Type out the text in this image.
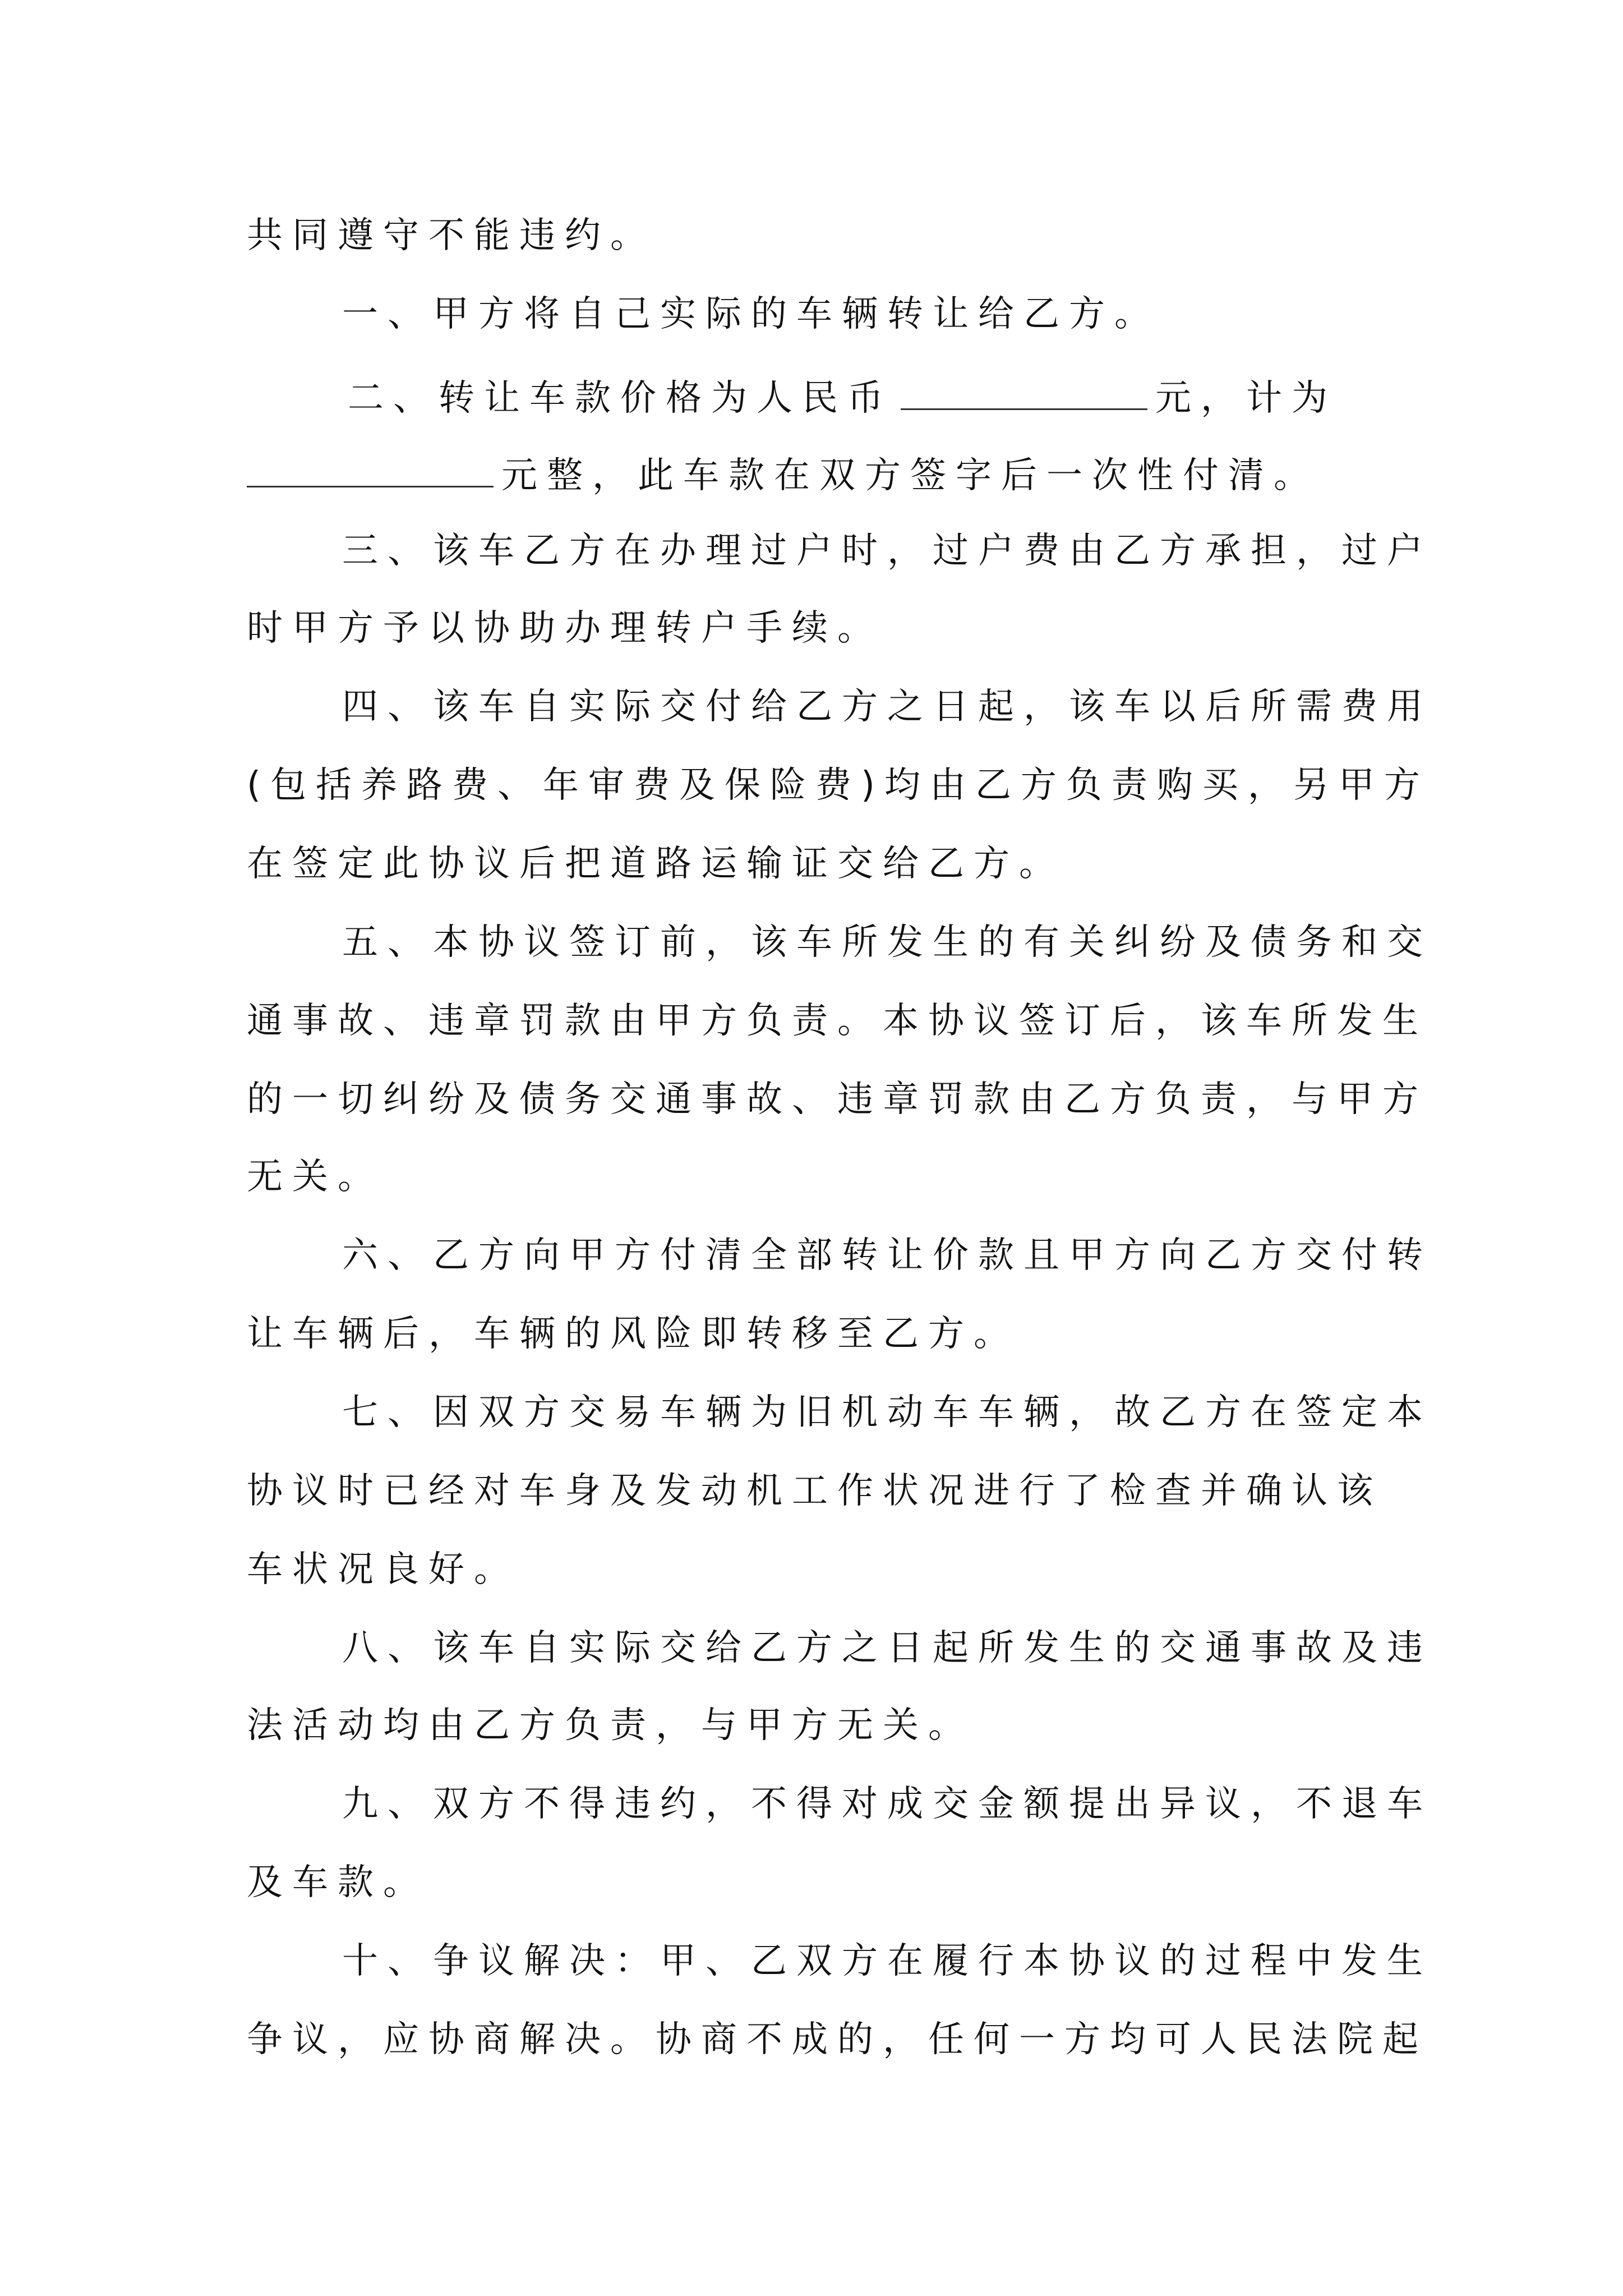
共同遵守不能违约。
一、甲方将自己实际的车辆转让给乙方。
二、转让车款价格为人民币	元，计为
元整，此车款在双方签字后一次性付清。
三、该车乙方在办理过户时，过户费由乙方承担，过户
时甲方予以协助办理转户手续。
四、该车自实际交付给乙方之日起，该车以后所需费用
(包括养路费、年审费及保险费)均由乙方负责购买，另甲方
在签定此协议后把道路运输证交给乙方。
五、本协议签订前，该车所发生的有关纠纷及债务和交
通事故、违章罚款由甲方负责。本协议签订后，该车所发生
的一切纠纷及债务交通事故、违章罚款由乙方负责，与甲方
无关。
六、乙方向甲方付清全部转让价款且甲方向乙方交付转
让车辆后，车辆的风险即转移至乙方。
七、因双方交易车辆为旧机动车车辆，故乙方在签定本
协议时已经对车身及发动机工作状况进行了检查并确认该
车状况良好。
八、该车自实际交给乙方之日起所发生的交通事故及违
法活动均由乙方负责，与甲方无关。
九、双方不得违约，不得对成交金额提出异议，不退车
及车款。
十、争议解决：甲、乙双方在履行本协议的过程中发生
争议，应协商解决。协商不成的，任何一方均可人民法院起
